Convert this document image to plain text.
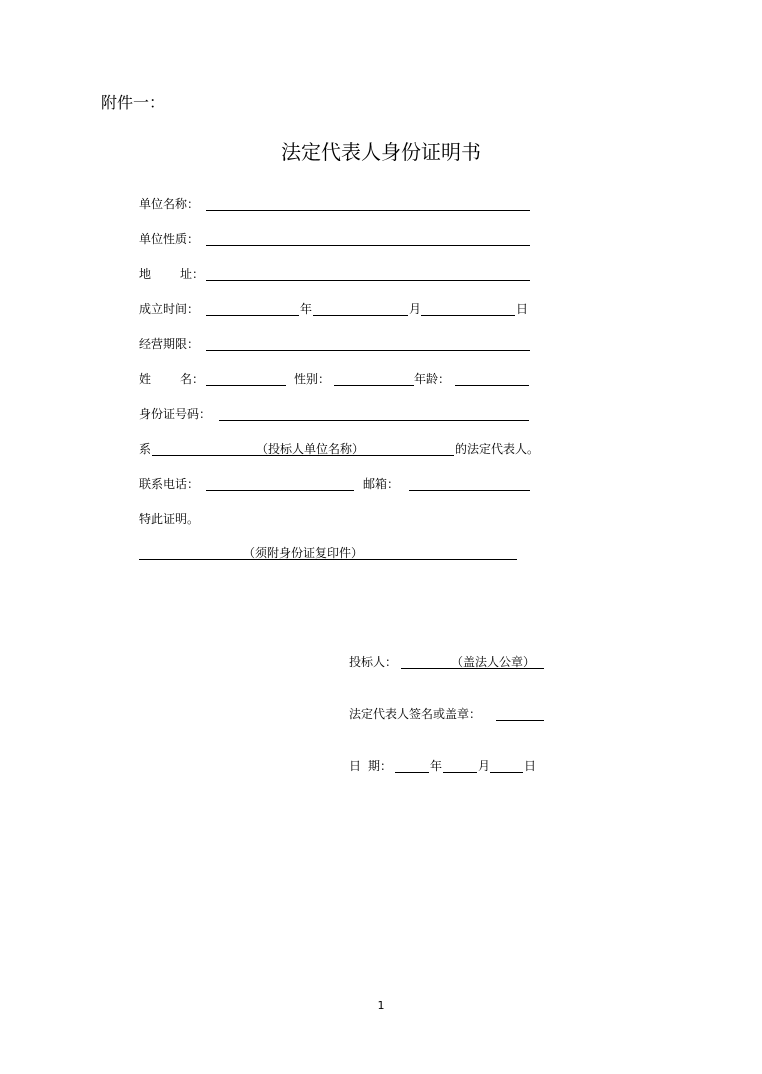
附件一：
法定代表人身份证明书
单位名称：
单位性质：
地 址：
成立时间：	年	月	日
经营期限：
姓 名：	性别：	年龄：
身份证号码：
系	（投标人单位名称）	的法定代表人。
联系电话：	邮箱：
特此证明。
（须附身份证复印件）
投标人：	（盖法人公章）
法定代表人签名或盖章：
日 期：	年	月	日
1
